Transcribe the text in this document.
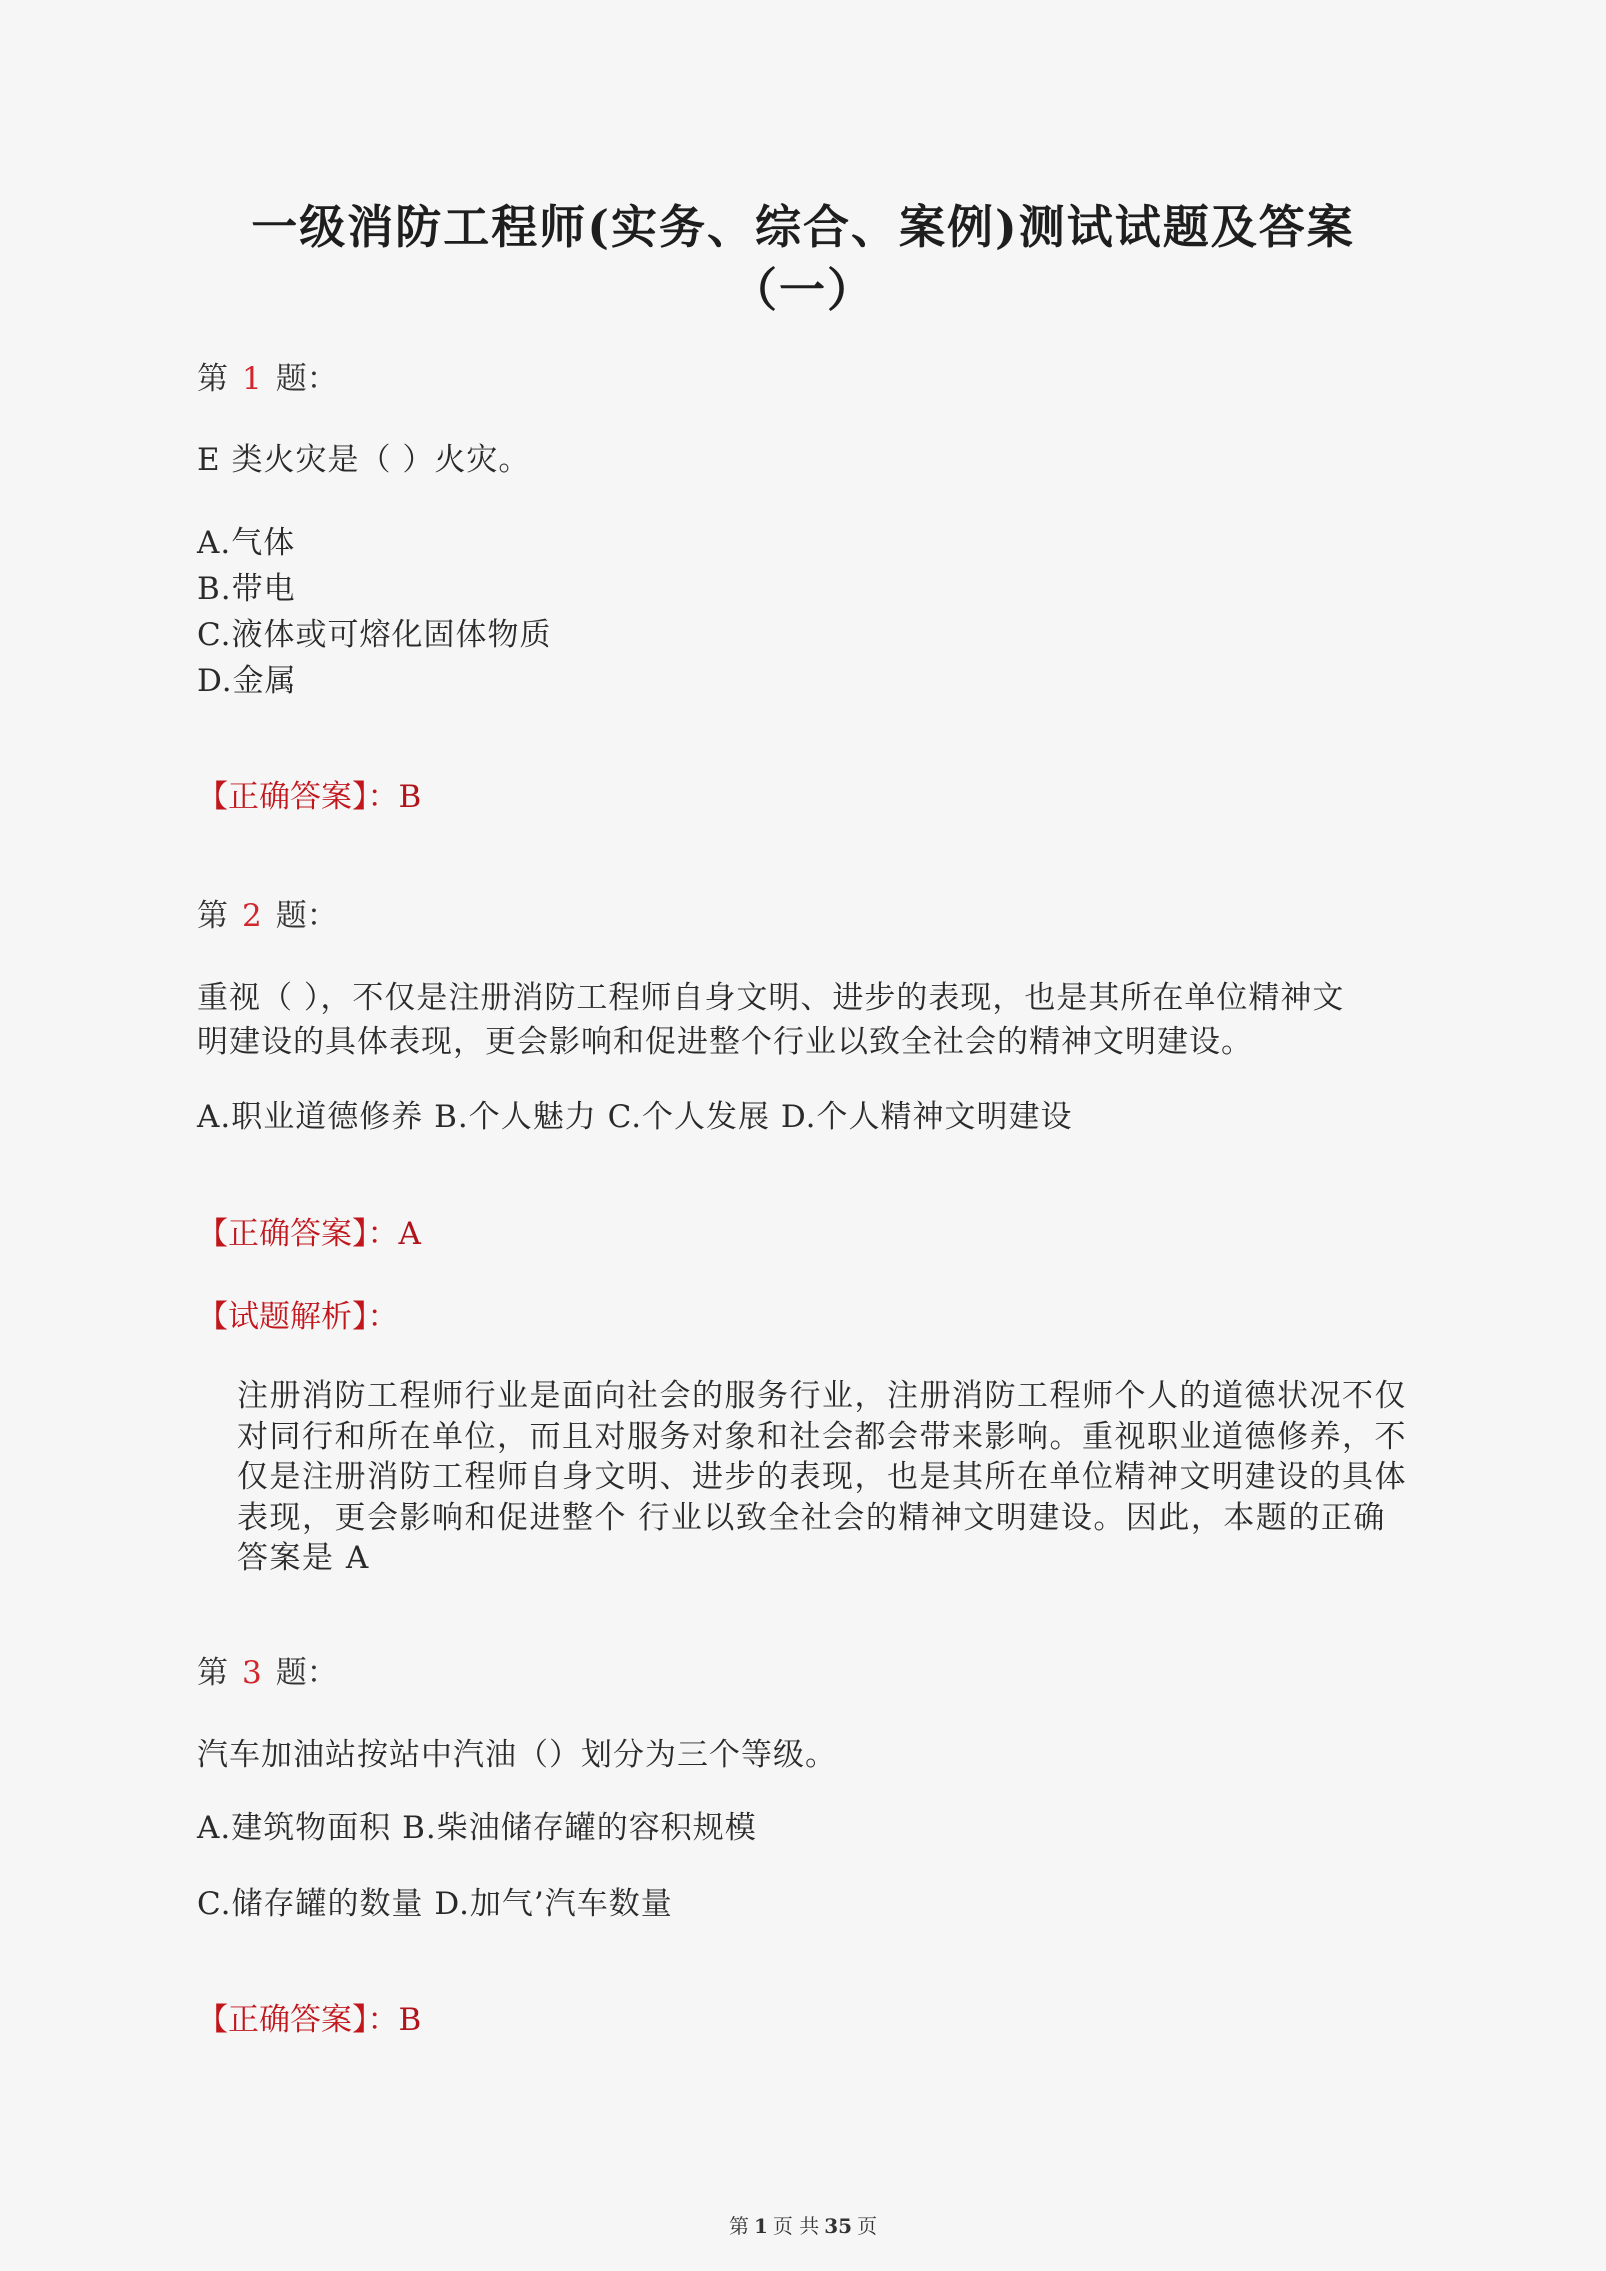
一级消防工程师(实务、综合、案例)测试试题及答案
（一）
第 1 题：
E 类火灾是（ ）火灾。
A.气体
B.带电
C.液体或可熔化固体物质
D.金属
【正确答案】：B
第 2 题：
重视（ ），不仅是注册消防工程师自身文明、进步的表现，也是其所在单位精神文
明建设的具体表现，更会影响和促进整个行业以致全社会的精神文明建设。
A.职业道德修养 B.个人魅力 C.个人发展 D.个人精神文明建设
【正确答案】：A
【试题解析】：
注册消防工程师行业是面向社会的服务行业，注册消防工程师个人的道德状况不仅
对同行和所在单位，而且对服务对象和社会都会带来影响。重视职业道德修养，不
仅是注册消防工程师自身文明、进步的表现，也是其所在单位精神文明建设的具体
表现，更会影响和促进整个 行业以致全社会的精神文明建设。因此，本题的正确
答案是 A
第 3 题：
汽车加油站按站中汽油（）划分为三个等级。
A.建筑物面积 B.柴油储存罐的容积规模
C.储存罐的数量 D.加气’汽车数量
【正确答案】：B
第 1 页 共 35 页
